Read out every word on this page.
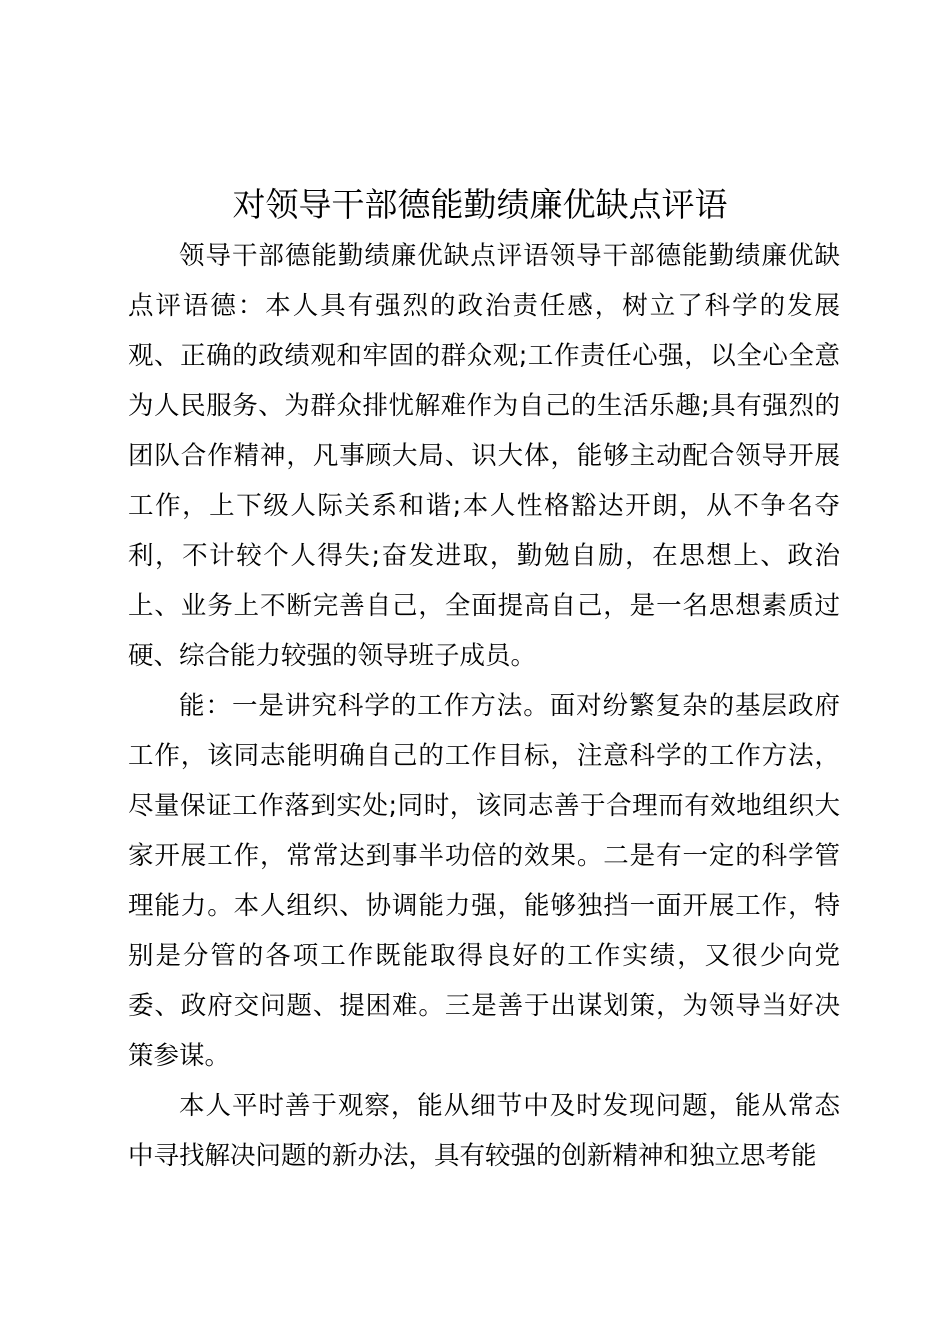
对领导干部德能勤绩廉优缺点评语

领导干部德能勤绩廉优缺点评语领导干部德能勤绩廉优缺点评语德：本人具有强烈的政治责任感，树立了科学的发展观、正确的政绩观和牢固的群众观;工作责任心强，以全心全意为人民服务、为群众排忧解难作为自己的生活乐趣;具有强烈的团队合作精神，凡事顾大局、识大体，能够主动配合领导开展工作，上下级人际关系和谐;本人性格豁达开朗，从不争名夺利，不计较个人得失;奋发进取，勤勉自励，在思想上、政治上、业务上不断完善自己，全面提高自己，是一名思想素质过硬、综合能力较强的领导班子成员。

能：一是讲究科学的工作方法。面对纷繁复杂的基层政府工作，该同志能明确自己的工作目标，注意科学的工作方法，尽量保证工作落到实处;同时，该同志善于合理而有效地组织大家开展工作，常常达到事半功倍的效果。二是有一定的科学管理能力。本人组织、协调能力强，能够独挡一面开展工作，特别是分管的各项工作既能取得良好的工作实绩，又很少向党委、政府交问题、提困难。三是善于出谋划策，为领导当好决策参谋。

本人平时善于观察，能从细节中及时发现问题，能从常态中寻找解决问题的新办法，具有较强的创新精神和独立思考能
